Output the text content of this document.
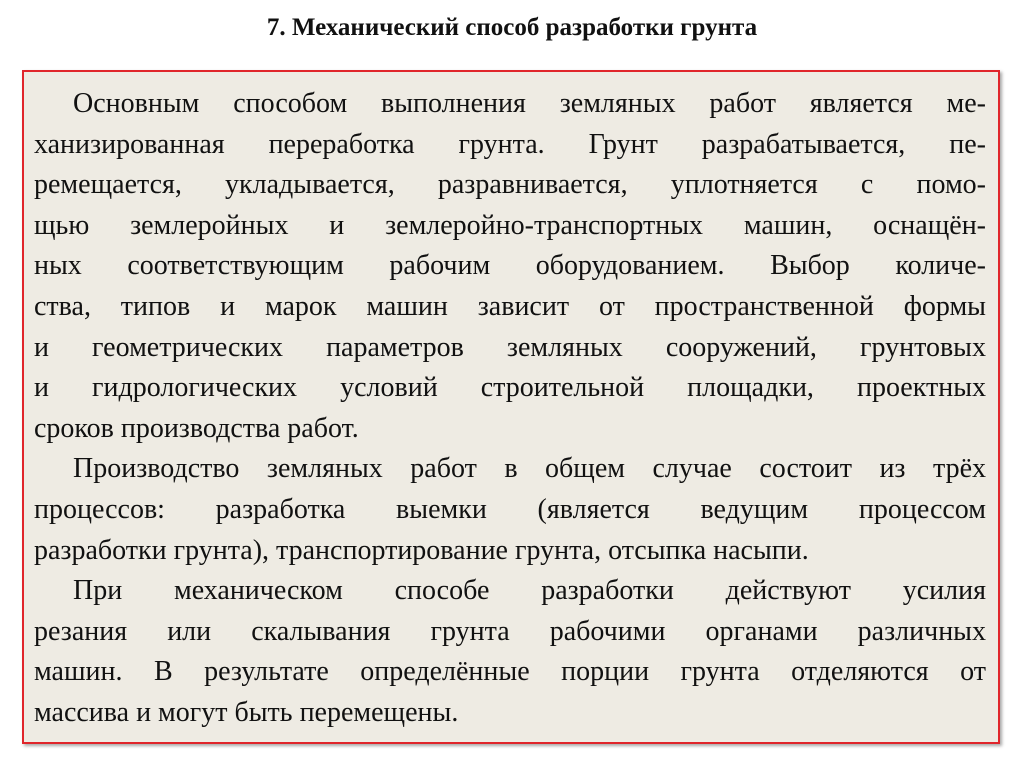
7. Механический способ разработки грунта
Основным способом выполнения земляных работ является ме-
ханизированная переработка грунта. Грунт разрабатывается, пе-
ремещается, укладывается, разравнивается, уплотняется с помо-
щью землеройных и землеройно-транспортных машин, оснащён-
ных соответствующим рабочим оборудованием. Выбор количе-
ства, типов и марок машин зависит от пространственной формы
и геометрических параметров земляных сооружений, грунтовых
и гидрологических условий строительной площадки, проектных
сроков производства работ.
Производство земляных работ в общем случае состоит из трёх
процессов: разработка выемки (является ведущим процессом
разработки грунта), транспортирование грунта, отсыпка насыпи.
При механическом способе разработки действуют усилия
резания или скалывания грунта рабочими органами различных
машин. В результате определённые порции грунта отделяются от
массива и могут быть перемещены.
